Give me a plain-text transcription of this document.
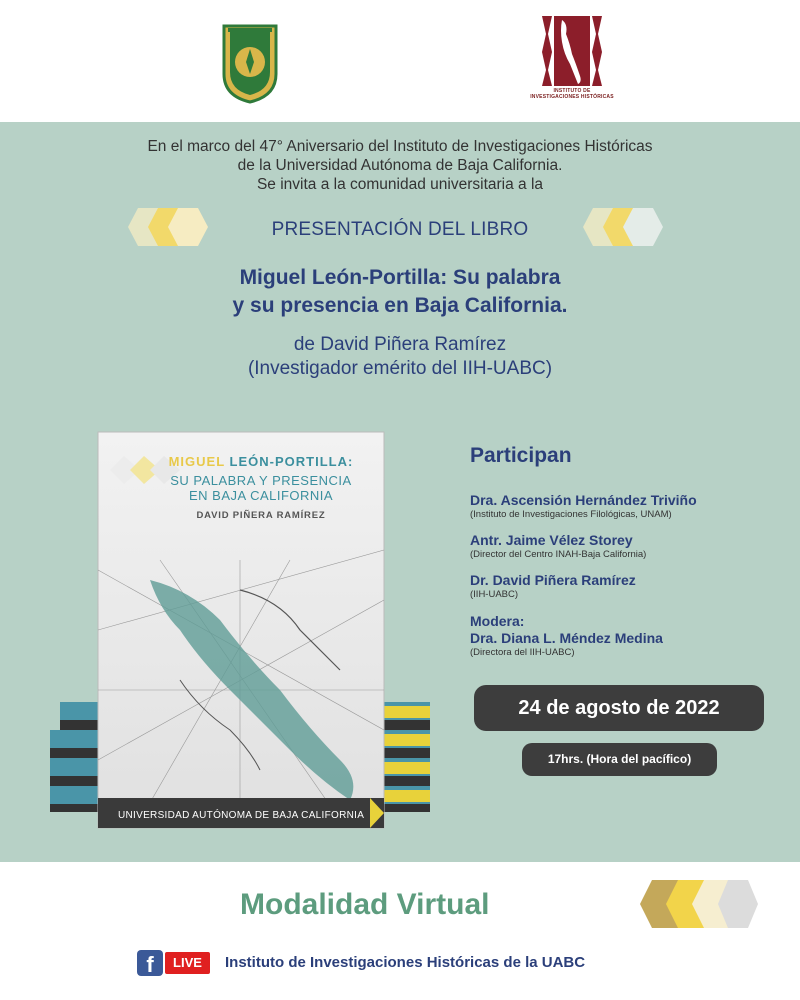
INSTITUTO DE INVESTIGACIONES HISTÓRICAS
En el marco del 47° Aniversario del Instituto de Investigaciones Históricas
de la Universidad Autónoma de Baja California.
Se invita a la comunidad universitaria a la
PRESENTACIÓN DEL LIBRO
Miguel León-Portilla: Su palabra
y su presencia en Baja California.
de David Piñera Ramírez
(Investigador emérito del IIH-UABC)
MIGUEL LEÓN-PORTILLA:
SU PALABRA Y PRESENCIA
EN BAJA CALIFORNIA
DAVID PIÑERA RAMÍREZ
UNIVERSIDAD AUTÓNOMA DE BAJA CALIFORNIA
Participan
Dra. Ascensión Hernández Triviño
(Instituto de Investigaciones Filológicas, UNAM)
Antr. Jaime Vélez Storey
(Director del Centro INAH-Baja California)
Dr. David Piñera Ramírez
(IIH-UABC)
Modera:
Dra. Diana L. Méndez Medina
(Directora del IIH-UABC)
24 de agosto de 2022
17hrs. (Hora del pacífico)
Modalidad Virtual
f	LIVE	Instituto de Investigaciones Históricas de la UABC
